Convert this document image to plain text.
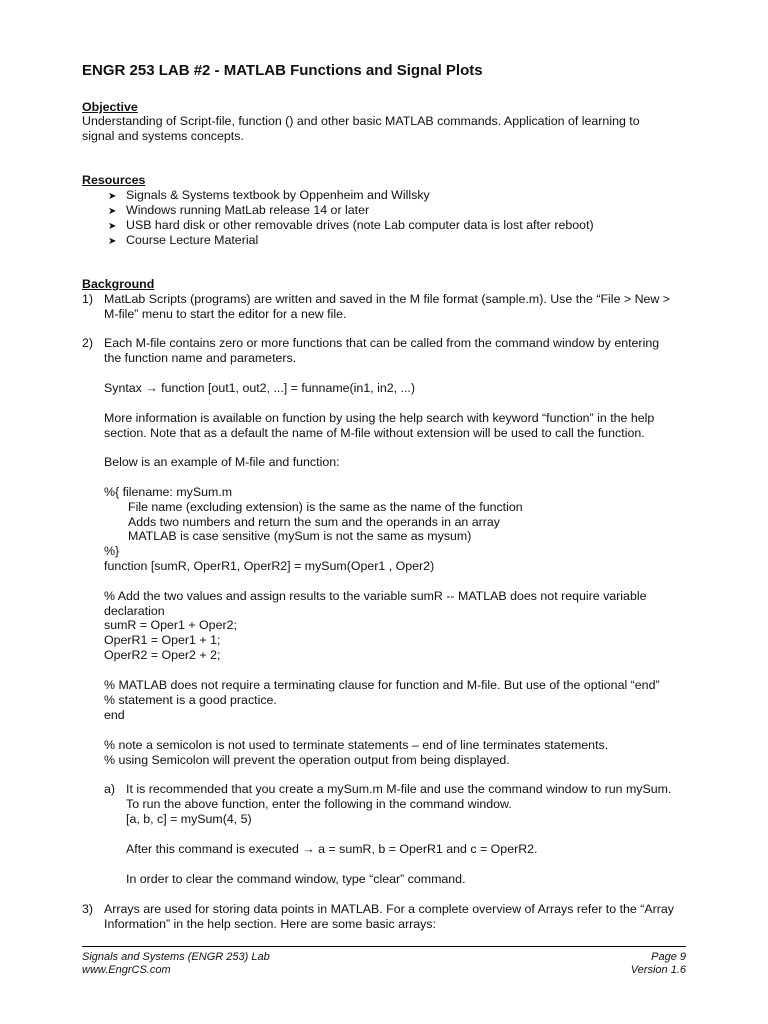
ENGR 253 LAB #2 - MATLAB Functions and Signal Plots
Objective
Understanding of Script-file, function () and other basic MATLAB commands. Application of learning to
signal and systems concepts.
Resources
➤ Signals & Systems textbook by Oppenheim and Willsky
➤ Windows running MatLab release 14 or later
➤ USB hard disk or other removable drives (note Lab computer data is lost after reboot)
➤ Course Lecture Material
Background
1) MatLab Scripts (programs) are written and saved in the M file format (sample.m). Use the “File > New >
M-file” menu to start the editor for a new file.
2) Each M-file contains zero or more functions that can be called from the command window by entering
the function name and parameters.
Syntax → function [out1, out2, ...] = funname(in1, in2, ...)
More information is available on function by using the help search with keyword “function” in the help
section. Note that as a default the name of M-file without extension will be used to call the function.
Below is an example of M-file and function:
%{ filename: mySum.m
File name (excluding extension) is the same as the name of the function
Adds two numbers and return the sum and the operands in an array
MATLAB is case sensitive (mySum is not the same as mysum)
%}
function [sumR, OperR1, OperR2] = mySum(Oper1 , Oper2)
% Add the two values and assign results to the variable sumR -- MATLAB does not require variable
declaration
sumR = Oper1 + Oper2;
OperR1 = Oper1 + 1;
OperR2 = Oper2 + 2;
% MATLAB does not require a terminating clause for function and M-file. But use of the optional “end”
% statement is a good practice.
end
% note a semicolon is not used to terminate statements – end of line terminates statements.
% using Semicolon will prevent the operation output from being displayed.
a) It is recommended that you create a mySum.m M-file and use the command window to run mySum.
To run the above function, enter the following in the command window.
[a, b, c] = mySum(4, 5)
After this command is executed → a = sumR, b = OperR1 and c = OperR2.
In order to clear the command window, type “clear” command.
3) Arrays are used for storing data points in MATLAB. For a complete overview of Arrays refer to the “Array
Information” in the help section. Here are some basic arrays:
Signals and Systems (ENGR 253) Lab
www.EngrCS.com
Page 9
Version 1.6
